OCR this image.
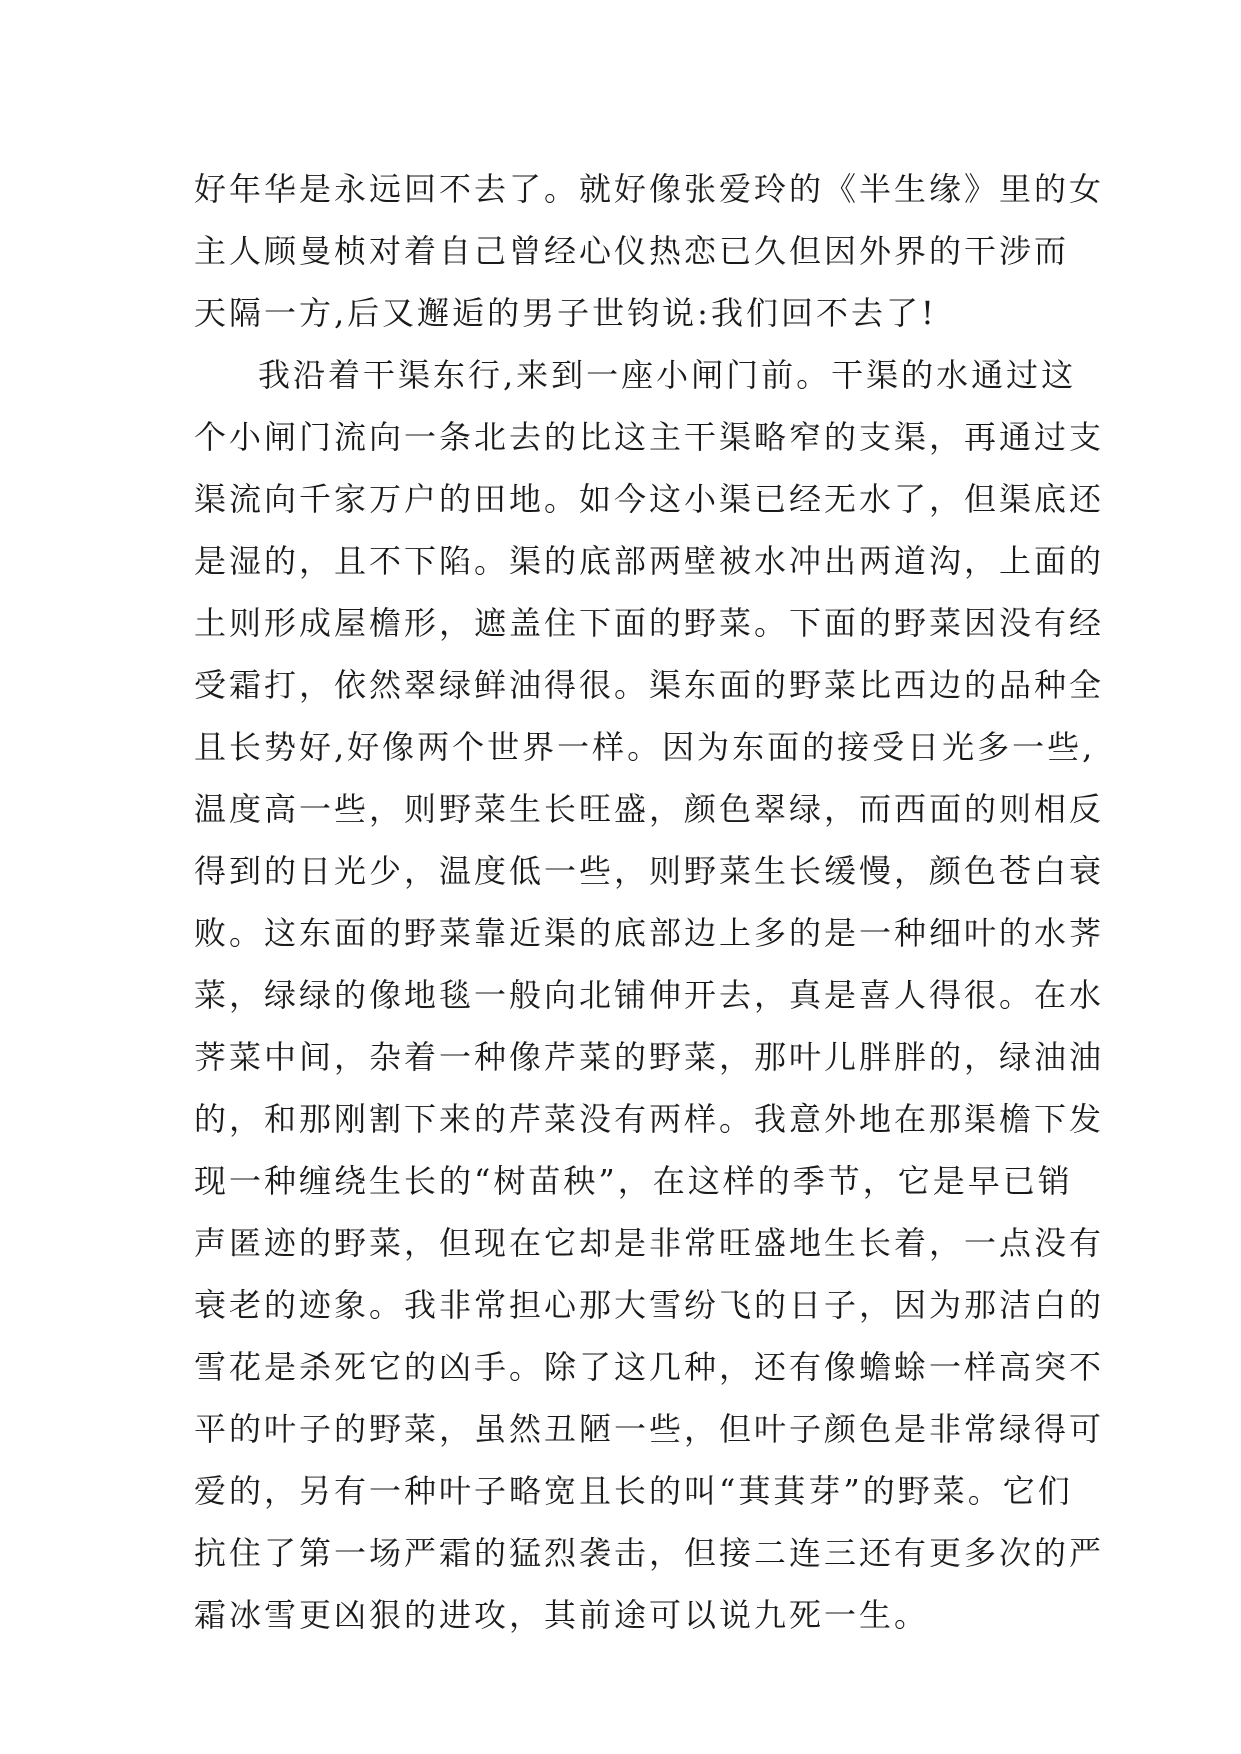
好年华是永远回不去了。就好像张爱玲的《半生缘》里的女
主人顾曼桢对着自己曾经心仪热恋已久但因外界的干涉而
天隔一方,后又邂逅的男子世钧说:我们回不去了!
我沿着干渠东行,来到一座小闸门前。干渠的水通过这
个小闸门流向一条北去的比这主干渠略窄的支渠，再通过支
渠流向千家万户的田地。如今这小渠已经无水了，但渠底还
是湿的，且不下陷。渠的底部两壁被水冲出两道沟，上面的
土则形成屋檐形，遮盖住下面的野菜。下面的野菜因没有经
受霜打，依然翠绿鲜油得很。渠东面的野菜比西边的品种全
且长势好,好像两个世界一样。因为东面的接受日光多一些,
温度高一些，则野菜生长旺盛，颜色翠绿，而西面的则相反
得到的日光少，温度低一些，则野菜生长缓慢，颜色苍白衰
败。这东面的野菜靠近渠的底部边上多的是一种细叶的水荠
菜，绿绿的像地毯一般向北铺伸开去，真是喜人得很。在水
荠菜中间，杂着一种像芹菜的野菜，那叶儿胖胖的，绿油油
的，和那刚割下来的芹菜没有两样。我意外地在那渠檐下发
现一种缠绕生长的“树苗秧”，在这样的季节，它是早已销
声匿迹的野菜，但现在它却是非常旺盛地生长着，一点没有
衰老的迹象。我非常担心那大雪纷飞的日子，因为那洁白的
雪花是杀死它的凶手。除了这几种，还有像蟾蜍一样高突不
平的叶子的野菜，虽然丑陋一些，但叶子颜色是非常绿得可
爱的，另有一种叶子略宽且长的叫“萁萁芽”的野菜。它们
抗住了第一场严霜的猛烈袭击，但接二连三还有更多次的严
霜冰雪更凶狠的进攻，其前途可以说九死一生。
